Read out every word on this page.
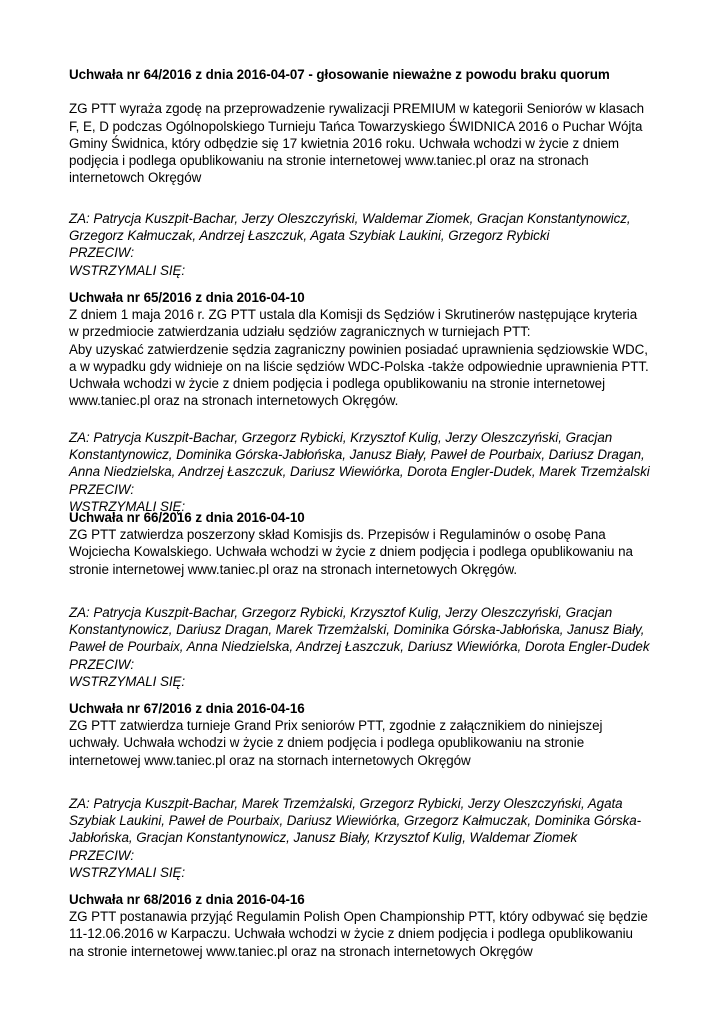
Uchwała nr 64/2016 z dnia 2016-04-07 - głosowanie nieważne z powodu braku quorum
ZG PTT wyraża zgodę na przeprowadzenie rywalizacji PREMIUM w kategorii Seniorów w klasach
F, E, D podczas Ogólnopolskiego Turnieju Tańca Towarzyskiego ŚWIDNICA 2016 o Puchar Wójta
Gminy Świdnica, który odbędzie się 17 kwietnia 2016 roku. Uchwała wchodzi w życie z dniem
podjęcia i podlega opublikowaniu na stronie internetowej www.taniec.pl oraz na stronach
internetowch Okręgów
ZA: Patrycja Kuszpit-Bachar, Jerzy Oleszczyński, Waldemar Ziomek, Gracjan Konstantynowicz,
Grzegorz Kałmuczak, Andrzej Łaszczuk, Agata Szybiak Laukini, Grzegorz Rybicki
PRZECIW:
WSTRZYMALI SIĘ:
Uchwała nr 65/2016 z dnia 2016-04-10
Z dniem 1 maja 2016 r. ZG PTT ustala dla Komisji ds Sędziów i Skrutinerów następujące kryteria
w przedmiocie zatwierdzania udziału sędziów zagranicznych w turniejach PTT:
Aby uzyskać zatwierdzenie sędzia zagraniczny powinien posiadać uprawnienia sędziowskie WDC,
a w wypadku gdy widnieje on na liście sędziów WDC-Polska -także odpowiednie uprawnienia PTT.
Uchwała wchodzi w życie z dniem podjęcia i podlega opublikowaniu na stronie internetowej
www.taniec.pl oraz na stronach internetowych Okręgów.
ZA: Patrycja Kuszpit-Bachar, Grzegorz Rybicki, Krzysztof Kulig, Jerzy Oleszczyński, Gracjan
Konstantynowicz, Dominika Górska-Jabłońska, Janusz Biały, Paweł de Pourbaix, Dariusz Dragan,
Anna Niedzielska, Andrzej Łaszczuk, Dariusz Wiewiórka, Dorota Engler-Dudek, Marek Trzemżalski
PRZECIW:
WSTRZYMALI SIĘ:
Uchwała nr 66/2016 z dnia 2016-04-10
ZG PTT zatwierdza poszerzony skład Komisjis ds. Przepisów i Regulaminów o osobę Pana
Wojciecha Kowalskiego. Uchwała wchodzi w życie z dniem podjęcia i podlega opublikowaniu na
stronie internetowej www.taniec.pl oraz na stronach internetowych Okręgów.
ZA: Patrycja Kuszpit-Bachar, Grzegorz Rybicki, Krzysztof Kulig, Jerzy Oleszczyński, Gracjan
Konstantynowicz, Dariusz Dragan, Marek Trzemżalski, Dominika Górska-Jabłońska, Janusz Biały,
Paweł de Pourbaix, Anna Niedzielska, Andrzej Łaszczuk, Dariusz Wiewiórka, Dorota Engler-Dudek
PRZECIW:
WSTRZYMALI SIĘ:
Uchwała nr 67/2016 z dnia 2016-04-16
ZG PTT zatwierdza turnieje Grand Prix seniorów PTT, zgodnie z załącznikiem do niniejszej
uchwały. Uchwała wchodzi w życie z dniem podjęcia i podlega opublikowaniu na stronie
internetowej www.taniec.pl oraz na stornach internetowych Okręgów
ZA: Patrycja Kuszpit-Bachar, Marek Trzemżalski, Grzegorz Rybicki, Jerzy Oleszczyński, Agata
Szybiak Laukini, Paweł de Pourbaix, Dariusz Wiewiórka, Grzegorz Kałmuczak, Dominika Górska-
Jabłońska, Gracjan Konstantynowicz, Janusz Biały, Krzysztof Kulig, Waldemar Ziomek
PRZECIW:
WSTRZYMALI SIĘ:
Uchwała nr 68/2016 z dnia 2016-04-16
ZG PTT postanawia przyjąć Regulamin Polish Open Championship PTT, który odbywać się będzie
11-12.06.2016 w Karpaczu. Uchwała wchodzi w życie z dniem podjęcia i podlega opublikowaniu
na stronie internetowej www.taniec.pl oraz na stronach internetowych Okręgów
